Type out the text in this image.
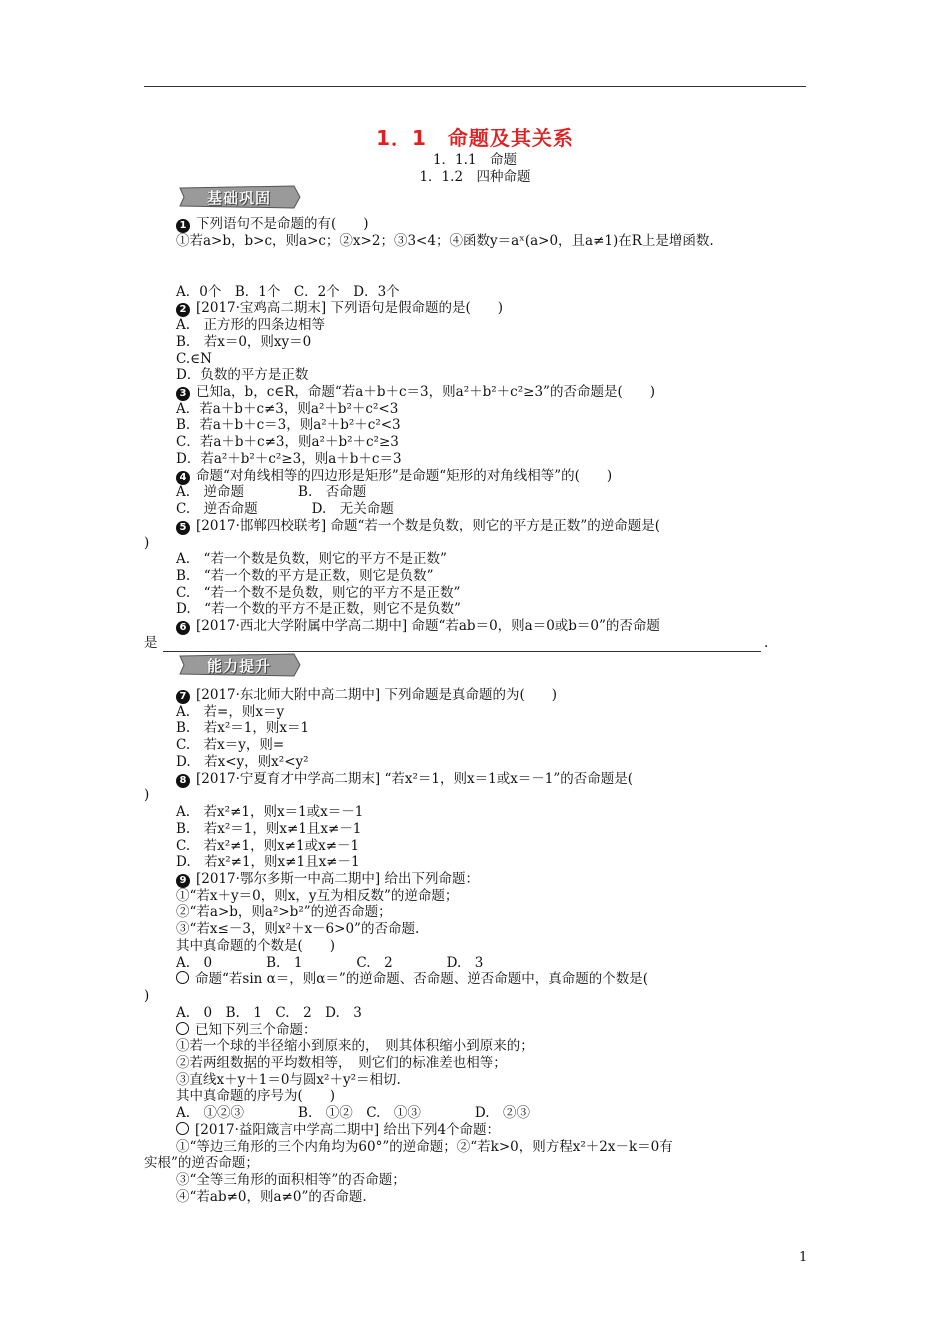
1．1　命题及其关系
1．1.1　命题
1．1.2　四种命题
基础巩固
1 下列语句不是命题的有(　　)
①若a>b，b>c，则a>c；②x>2；③3<4；④函数y＝aˣ(a>0，且a≠1)在R上是增函数.
A．0个　B．1个　C．2个　D．3个
2 [2017·宝鸡高二期末] 下列语句是假命题的是(　　)
A.　正方形的四条边相等
B.　若x＝0，则xy＝0
C.∈N
D．负数的平方是正数
3 已知a，b，c∈R，命题“若a＋b＋c＝3，则a²＋b²＋c²≥3”的否命题是(　　)
A．若a＋b＋c≠3，则a²＋b²＋c²<3
B．若a＋b＋c＝3，则a²＋b²＋c²<3
C．若a＋b＋c≠3，则a²＋b²＋c²≥3
D．若a²＋b²＋c²≥3，则a＋b＋c＝3
4 命题“对角线相等的四边形是矩形”是命题“矩形的对角线相等”的(　　)
A.　逆命题　　　　B.　否命题
C.　逆否命题　　　　D.　无关命题
5 [2017·邯郸四校联考] 命题“若一个数是负数，则它的平方是正数”的逆命题是(
)
A.　“若一个数是负数，则它的平方不是正数”
B.　“若一个数的平方是正数，则它是负数”
C.　“若一个数不是负数，则它的平方不是正数”
D.　“若一个数的平方不是正数，则它不是负数”
6 [2017·西北大学附属中学高二期中] 命题“若ab＝0，则a＝0或b＝0”的否命题
是	.
能力提升
7 [2017·东北师大附中高二期中] 下列命题是真命题的为(　　)
A.　若=，则x＝y
B.　若x²＝1，则x＝1
C.　若x＝y，则=
D.　若x<y，则x²<y²
8 [2017·宁夏育才中学高二期末] “若x²＝1，则x＝1或x＝－1”的否命题是(
)
A.　若x²≠1，则x＝1或x＝－1
B.　若x²＝1，则x≠1且x≠－1
C.　若x²≠1，则x≠1或x≠－1
D.　若x²≠1，则x≠1且x≠－1
9 [2017·鄂尔多斯一中高二期中] 给出下列命题：
①“若x＋y＝0，则x，y互为相反数”的逆命题；
②“若a>b，则a²>b²”的逆否命题；
③“若x≤－3，则x²＋x－6>0”的否命题.
其中真命题的个数是(　　)
A.　0　　　　B.　1　　　　C.　2　　　　D.　3
命题“若sin α＝，则α＝”的逆命题、否命题、逆否命题中，真命题的个数是(
)
A.　0　B.　1　C.　2　D.　3
已知下列三个命题：
①若一个球的半径缩小到原来的，　则其体积缩小到原来的；
②若两组数据的平均数相等，　则它们的标准差也相等；
③直线x＋y＋1＝0与圆x²＋y²＝相切.
其中真命题的序号为(　　)
A.　①②③　　　　B.　①②　C.　①③　　　　D.　②③
[2017·益阳箴言中学高二期中] 给出下列4个命题：
①“等边三角形的三个内角均为60°”的逆命题；②“若k>0，则方程x²＋2x－k＝0有
实根”的逆否命题；
③“全等三角形的面积相等”的否命题；
④“若ab≠0，则a≠0”的否命题.
1
